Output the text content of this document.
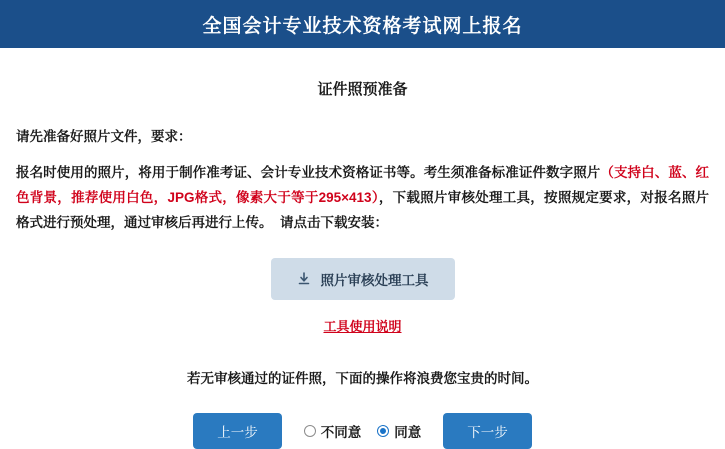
全国会计专业技术资格考试网上报名
证件照预准备

请先准备好照片文件，要求：

报名时使用的照片，将用于制作准考证、会计专业技术资格证书等。考生须准备标准证件数字照片（支持白、蓝、红色背景，推荐使用白色，JPG格式，像素大于等于295×413），下载照片审核处理工具，按照规定要求，对报名照片格式进行预处理，通过审核后再进行上传。 请点击下载安装：

照片审核处理工具
工具使用说明
若无审核通过的证件照，下面的操作将浪费您宝贵的时间。
上一步	不同意 同意	下一步
